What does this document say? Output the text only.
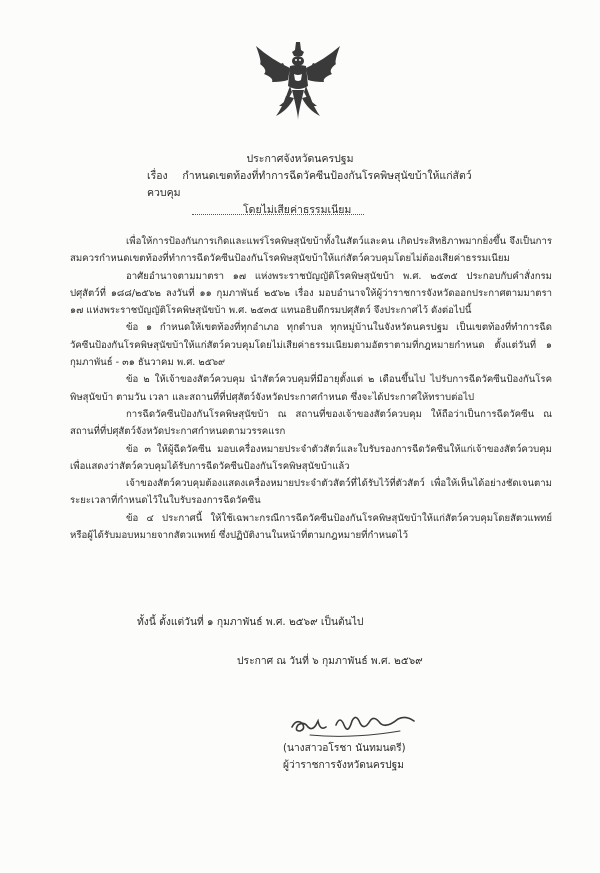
ประกาศจังหวัดนครปฐม
เรื่อง กำหนดเขตท้องที่ทำการฉีดวัคซีนป้องกันโรคพิษสุนัขบ้าให้แก่สัตว์ควบคุม
โดยไม่เสียค่าธรรมเนียม

เพื่อให้การป้องกันการเกิดและแพร่โรคพิษสุนัขบ้าทั้งในสัตว์และคน เกิดประสิทธิภาพมากยิ่งขึ้น จึงเป็นการสมควรกำหนดเขตท้องที่ทำการฉีดวัคซีนป้องกันโรคพิษสุนัขบ้าให้แก่สัตว์ควบคุมโดยไม่ต้องเสียค่าธรรมเนียม

อาศัยอำนาจตามมาตรา ๑๗ แห่งพระราชบัญญัติโรคพิษสุนัขบ้า พ.ศ. ๒๕๓๕ ประกอบกับคำสั่งกรมปศุสัตว์ที่ ๑๘๘/๒๕๖๒ ลงวันที่ ๑๑ กุมภาพันธ์ ๒๕๖๒ เรื่อง มอบอำนาจให้ผู้ว่าราชการจังหวัดออกประกาศตามมาตรา ๑๗ แห่งพระราชบัญญัติโรคพิษสุนัขบ้า พ.ศ. ๒๕๓๕ แทนอธิบดีกรมปศุสัตว์ จึงประกาศไว้ ดังต่อไปนี้

ข้อ ๑ กำหนดให้เขตท้องที่ทุกอำเภอ ทุกตำบล ทุกหมู่บ้านในจังหวัดนครปฐม เป็นเขตท้องที่ทำการฉีดวัคซีนป้องกันโรคพิษสุนัขบ้าให้แก่สัตว์ควบคุมโดยไม่เสียค่าธรรมเนียมตามอัตราตามที่กฎหมายกำหนด ตั้งแต่วันที่ ๑ กุมภาพันธ์ - ๓๑ ธันวาคม พ.ศ. ๒๕๖๙

ข้อ ๒ ให้เจ้าของสัตว์ควบคุม นำสัตว์ควบคุมที่มีอายุตั้งแต่ ๒ เดือนขึ้นไป ไปรับการฉีดวัคซีนป้องกันโรคพิษสุนัขบ้า ตามวัน เวลา และสถานที่ที่ปศุสัตว์จังหวัดประกาศกำหนด ซึ่งจะได้ประกาศให้ทราบต่อไป

การฉีดวัคซีนป้องกันโรคพิษสุนัขบ้า ณ สถานที่ของเจ้าของสัตว์ควบคุม ให้ถือว่าเป็นการฉีดวัคซีน ณ สถานที่ที่ปศุสัตว์จังหวัดประกาศกำหนดตามวรรคแรก

ข้อ ๓ ให้ผู้ฉีดวัคซีน มอบเครื่องหมายประจำตัวสัตว์และใบรับรองการฉีดวัคซีนให้แก่เจ้าของสัตว์ควบคุม เพื่อแสดงว่าสัตว์ควบคุมได้รับการฉีดวัคซีนป้องกันโรคพิษสุนัขบ้าแล้ว

เจ้าของสัตว์ควบคุมต้องแสดงเครื่องหมายประจำตัวสัตว์ที่ได้รับไว้ที่ตัวสัตว์ เพื่อให้เห็นได้อย่างชัดเจนตามระยะเวลาที่กำหนดไว้ในใบรับรองการฉีดวัคซีน

ข้อ ๔ ประกาศนี้ ให้ใช้เฉพาะกรณีการฉีดวัคซีนป้องกันโรคพิษสุนัขบ้าให้แก่สัตว์ควบคุมโดยสัตวแพทย์หรือผู้ได้รับมอบหมายจากสัตวแพทย์ ซึ่งปฏิบัติงานในหน้าที่ตามกฎหมายที่กำหนดไว้

ทั้งนี้ ตั้งแต่วันที่ ๑ กุมภาพันธ์ พ.ศ. ๒๕๖๙ เป็นต้นไป
ประกาศ ณ วันที่ ๖ กุมภาพันธ์ พ.ศ. ๒๕๖๙
(นางสาวอโรชา นันทมนตรี)
ผู้ว่าราชการจังหวัดนครปฐม
